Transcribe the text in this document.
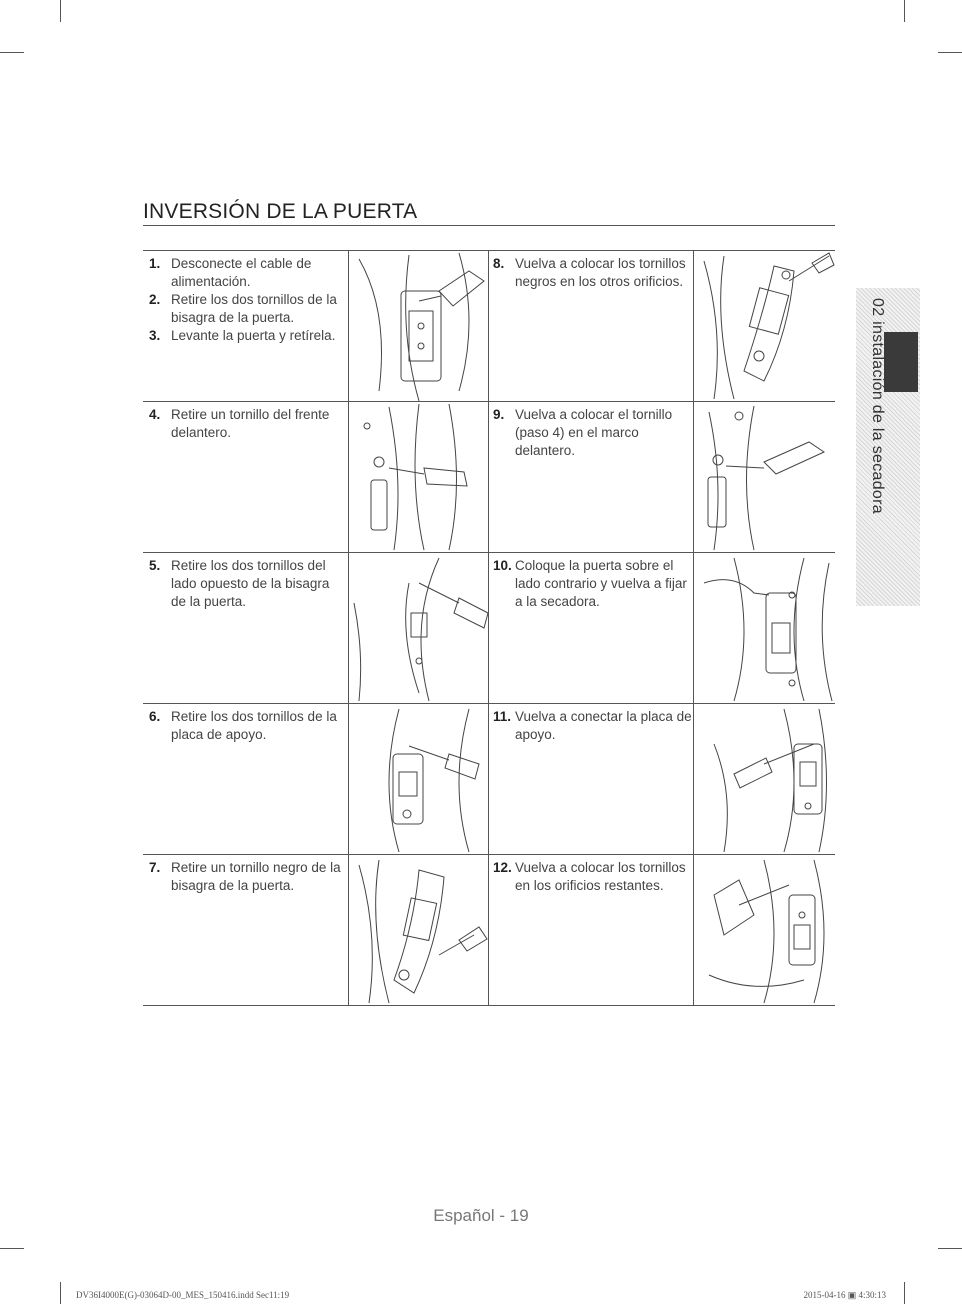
INVERSIÓN DE LA PUERTA
02 instalación de la secadora
1. Desconecte el cable de alimentación.
2. Retire los dos tornillos de la bisagra de la puerta.
3. Levante la puerta y retírela.
8. Vuelva a colocar los tornillos negros en los otros orificios.
4. Retire un tornillo del frente delantero.
9. Vuelva a colocar el tornillo (paso 4) en el marco delantero.
5. Retire los dos tornillos del lado opuesto de la bisagra de la puerta.
10. Coloque la puerta sobre el lado contrario y vuelva a fijar a la secadora.
6. Retire los dos tornillos de la placa de apoyo.
11. Vuelva a conectar la placa de apoyo.
7. Retire un tornillo negro de la bisagra de la puerta.
12. Vuelva a colocar los tornillos en los orificios restantes.
Español - 19
DV36I4000E(G)-03064D-00_MES_150416.indd Sec11:19	2015-04-16 ▣ 4:30:13
